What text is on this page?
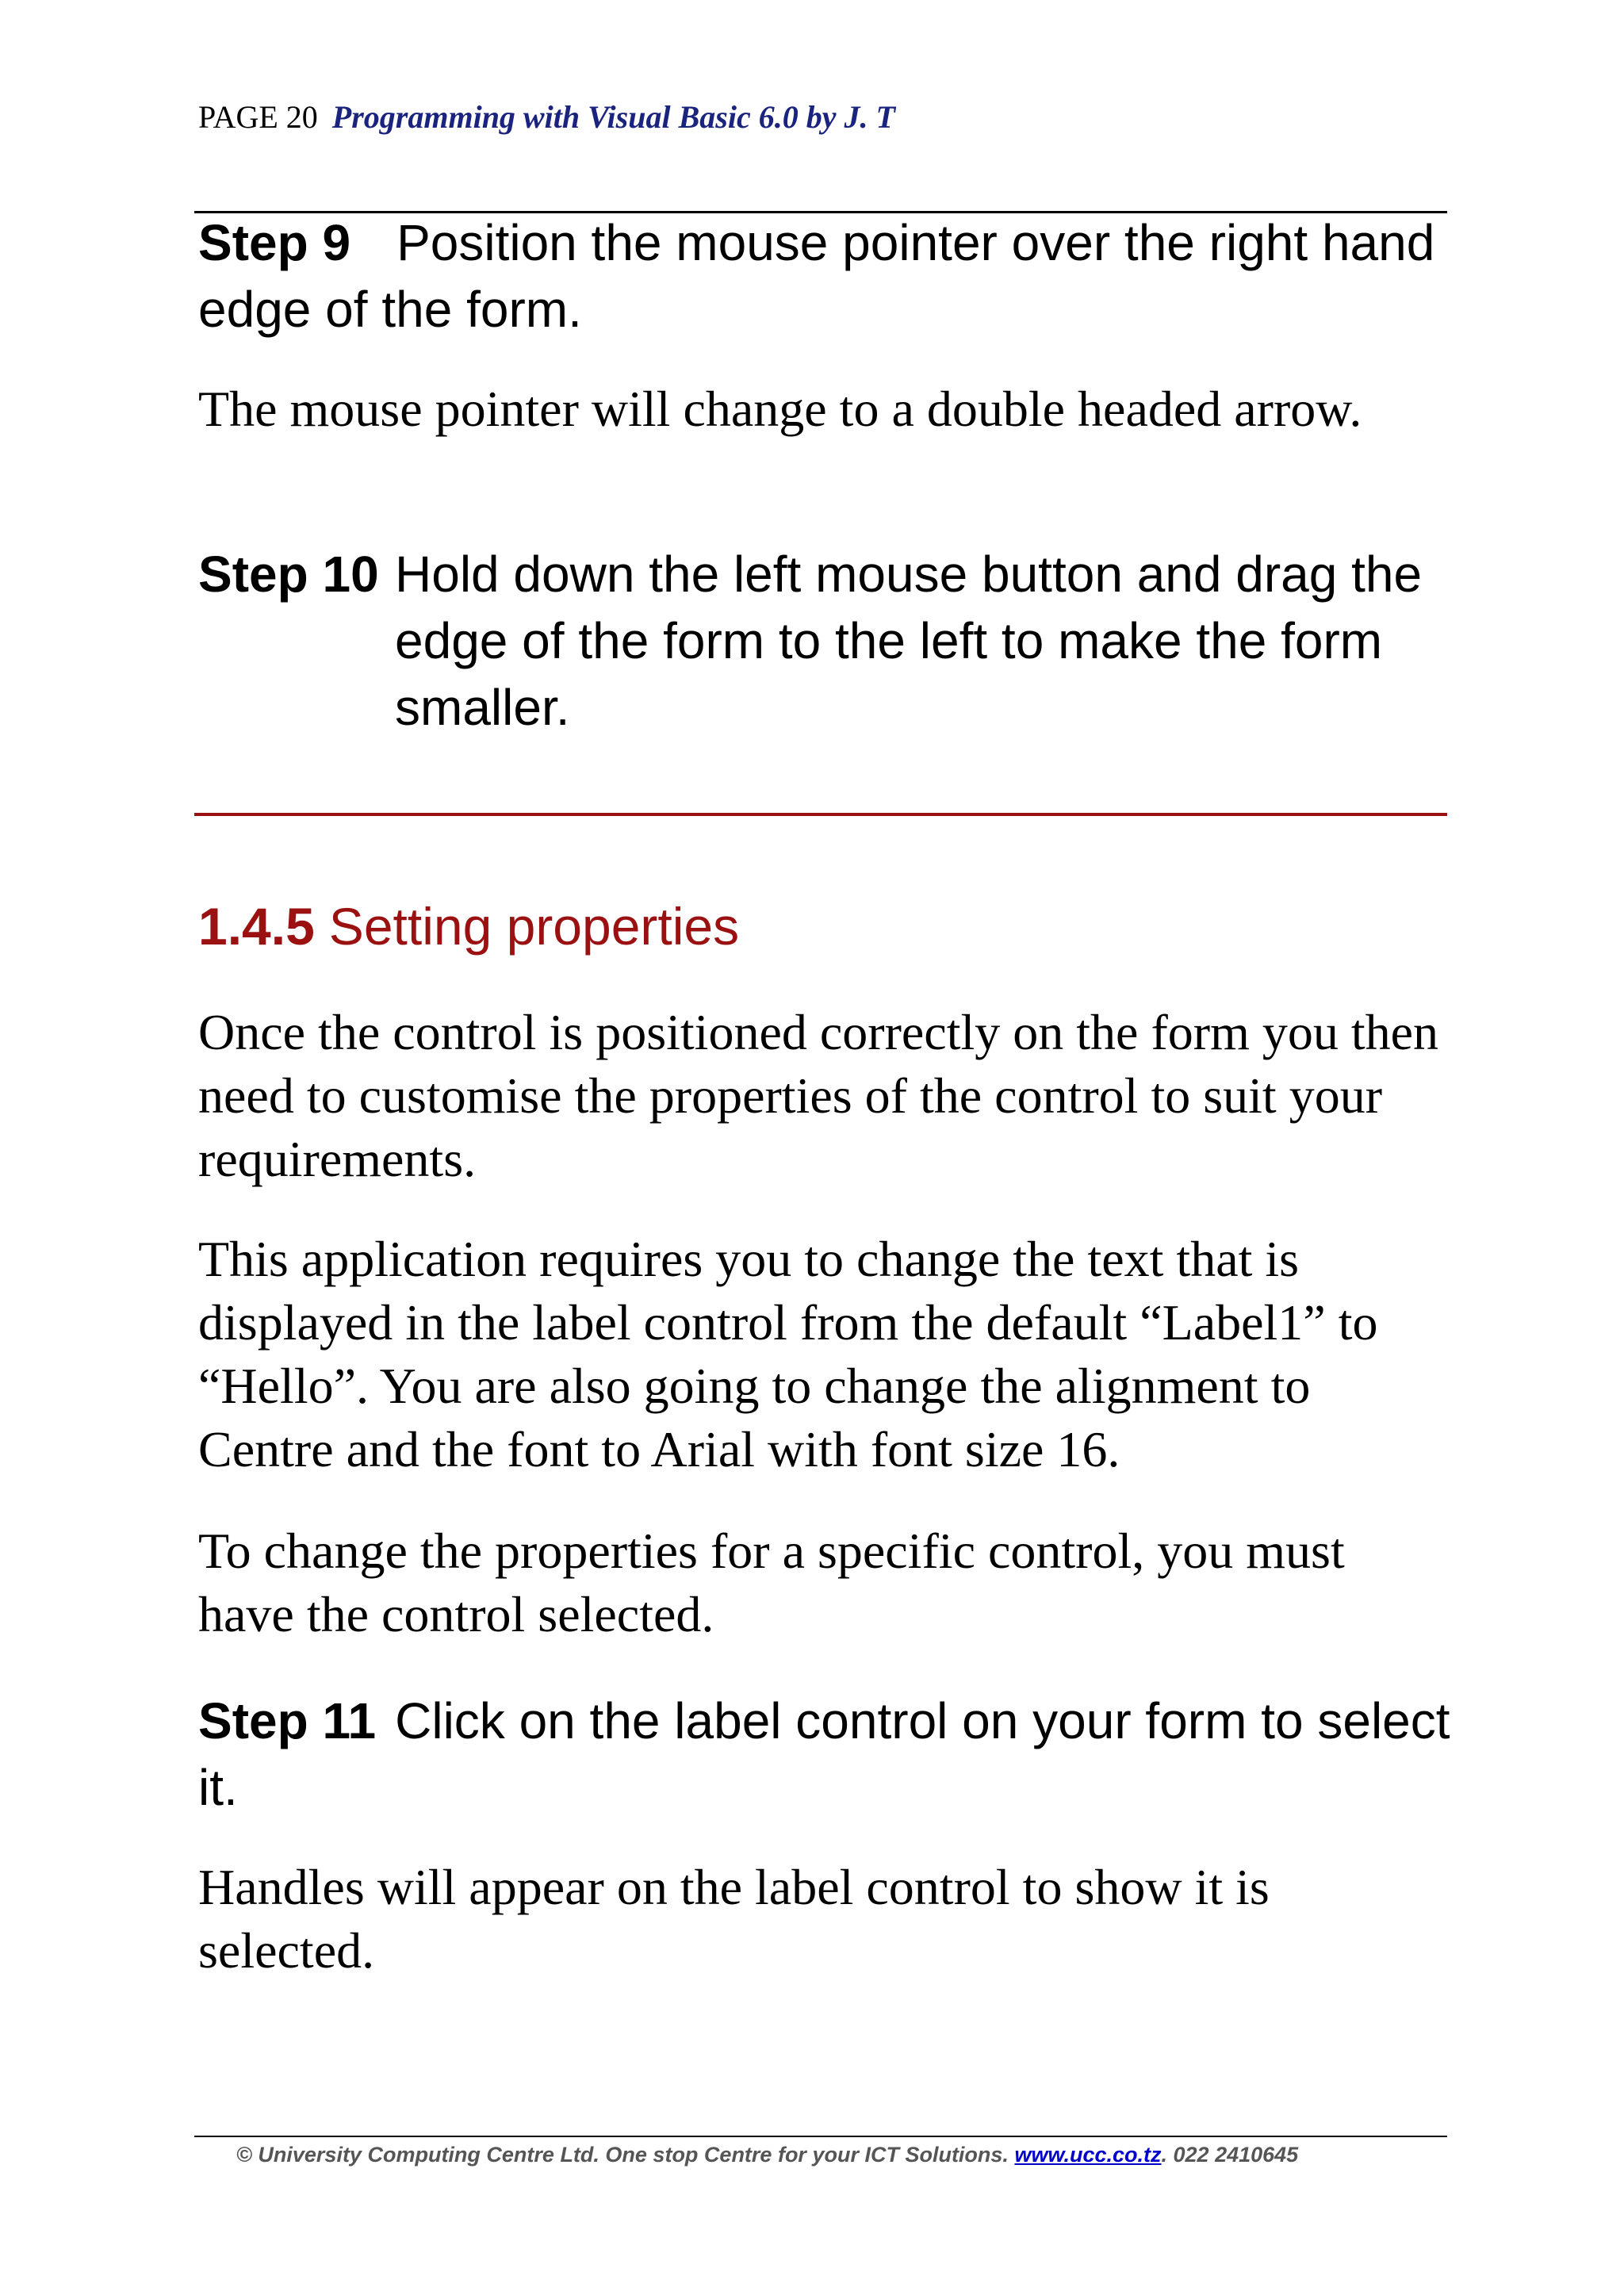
PAGE 20 Programming with Visual Basic 6.0 by J. T
Step 9 Position the mouse pointer over the right hand edge of the form.
The mouse pointer will change to a double headed arrow.
Step 10 Hold down the left mouse button and drag the edge of the form to the left to make the form smaller.
1.4.5 Setting properties
Once the control is positioned correctly on the form you then need to customise the properties of the control to suit your requirements.
This application requires you to change the text that is displayed in the label control from the default “Label1” to “Hello”. You are also going to change the alignment to Centre and the font to Arial with font size 16.
To change the properties for a specific control, you must have the control selected.
Step 11 Click on the label control on your form to select it.
Handles will appear on the label control to show it is selected.
© University Computing Centre Ltd. One stop Centre for your ICT Solutions. www.ucc.co.tz. 022 2410645
